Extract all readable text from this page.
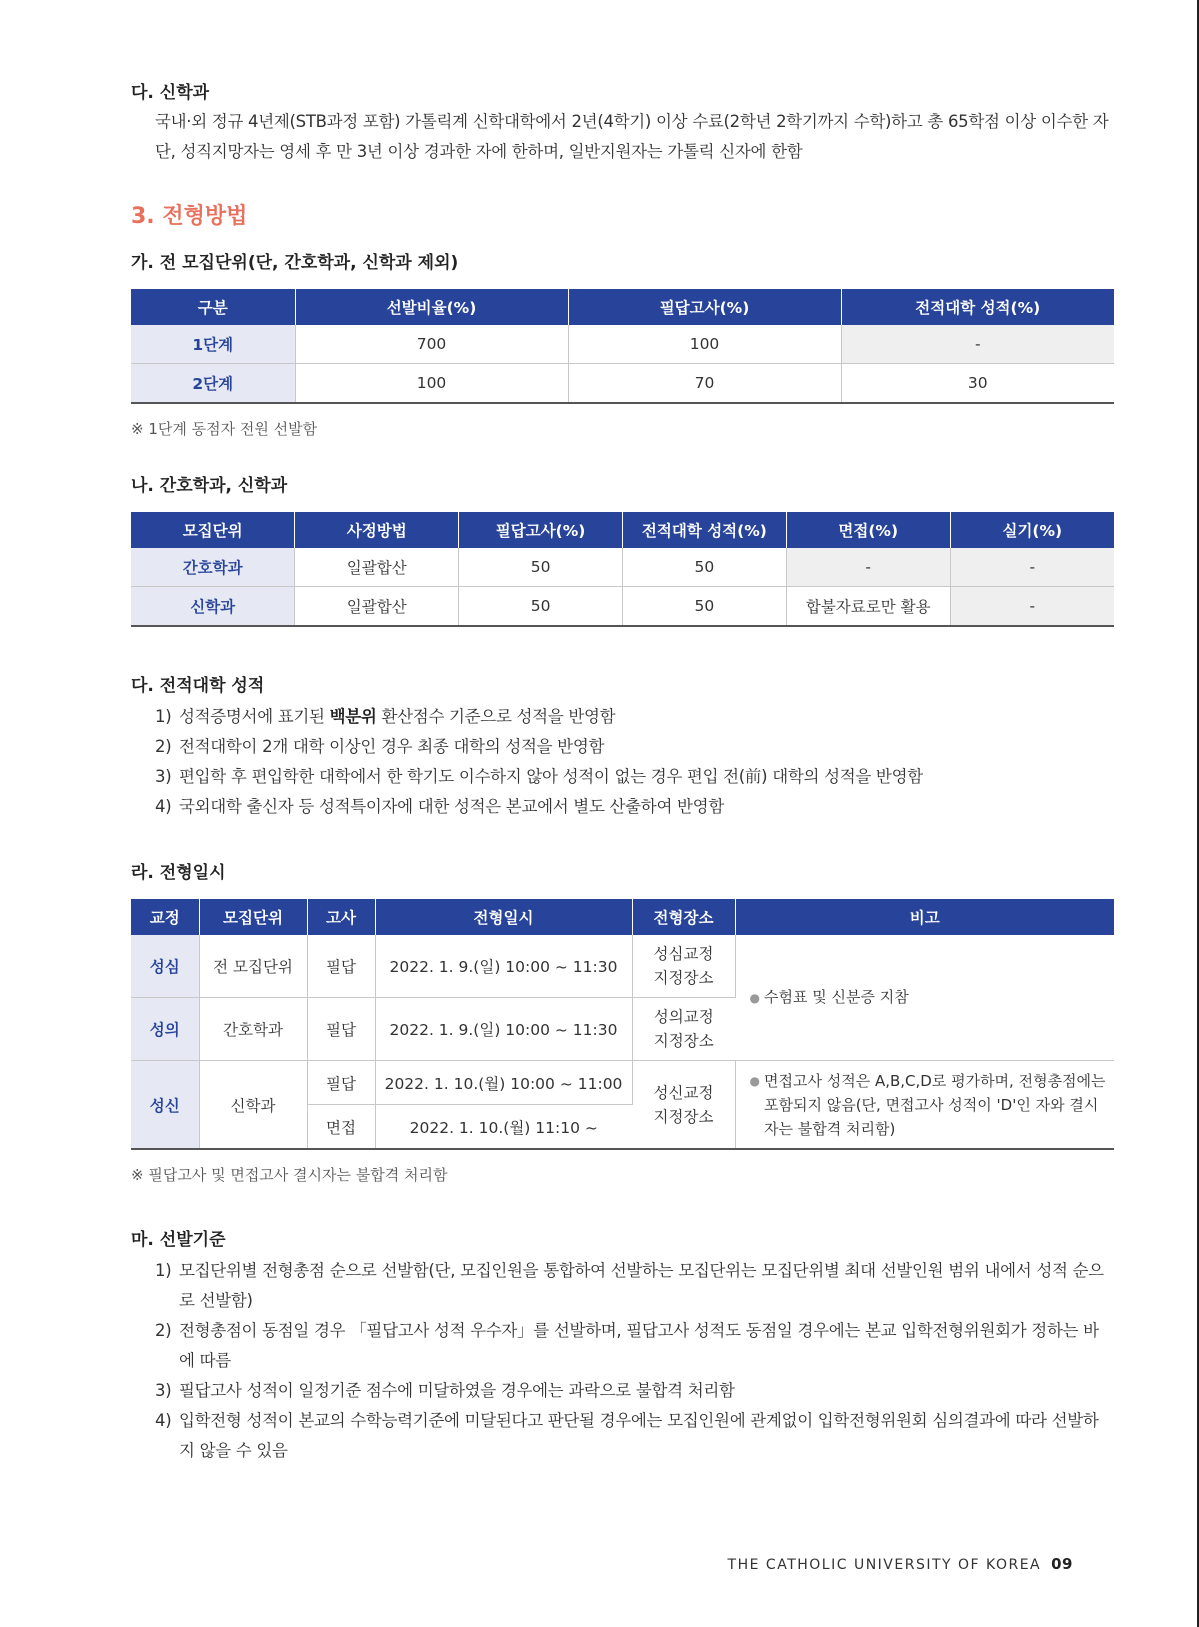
다. 신학과

국내·외 정규 4년제(STB과정 포함) 가톨릭계 신학대학에서 2년(4학기) 이상 수료(2학년 2학기까지 수학)하고 총 65학점 이상 이수한 자단, 성직지망자는 영세 후 만 3년 이상 경과한 자에 한하며, 일반지원자는 가톨릭 신자에 한함

3. 전형방법
가. 전 모집단위(단, 간호학과, 신학과 제외)
구분	선발비율(%)	필답고사(%)	전적대학 성적(%)
1단계	700	100	-
2단계	100	70	30

※ 1단계 동점자 전원 선발함

나. 간호학과, 신학과
모집단위	사정방법	필답고사(%)	전적대학 성적(%)	면접(%)	실기(%)
간호학과	일괄합산	50	50	-	-
신학과	일괄합산	50	50	합불자료로만 활용	-
다. 전적대학 성적
1) 성적증명서에 표기된 백분위 환산점수 기준으로 성적을 반영함
2) 전적대학이 2개 대학 이상인 경우 최종 대학의 성적을 반영함
3) 편입학 후 편입학한 대학에서 한 학기도 이수하지 않아 성적이 없는 경우 편입 전(前) 대학의 성적을 반영함
4) 국외대학 출신자 등 성적특이자에 대한 성적은 본교에서 별도 산출하여 반영함
라. 전형일시
교정	모집단위	고사	전형일시	전형장소	비고
성심	전 모집단위	필답	2022. 1. 9.(일) 10:00 ~ 11:30	성심교정
지정장소	● 수험표 및 신분증 지참
성의	간호학과	필답	2022. 1. 9.(일) 10:00 ~ 11:30	성의교정
지정장소	
성신	신학과	필답	2022. 1. 10.(월) 10:00 ~ 11:00	성신교정
지정장소	● 면접고사 성적은 A,B,C,D로 평가하며, 전형총점에는 포함되지 않음(단, 면접고사 성적이 'D'인 자와 결시자는 불합격 처리함)

		면접	2022. 1. 10.(월) 11:10 ~		

※ 필답고사 및 면접고사 결시자는 불합격 처리함

마. 선발기준
1) 모집단위별 전형총점 순으로 선발함(단, 모집인원을 통합하여 선발하는 모집단위는 모집단위별 최대 선발인원 범위 내에서 성적 순으로 선발함)
2) 전형총점이 동점일 경우 「필답고사 성적 우수자」를 선발하며, 필답고사 성적도 동점일 경우에는 본교 입학전형위원회가 정하는 바에 따름
3) 필답고사 성적이 일정기준 점수에 미달하였을 경우에는 과락으로 불합격 처리함
4) 입학전형 성적이 본교의 수학능력기준에 미달된다고 판단될 경우에는 모집인원에 관계없이 입학전형위원회 심의결과에 따라 선발하지 않을 수 있음
THE CATHOLIC UNIVERSITY OF KOREA 09
